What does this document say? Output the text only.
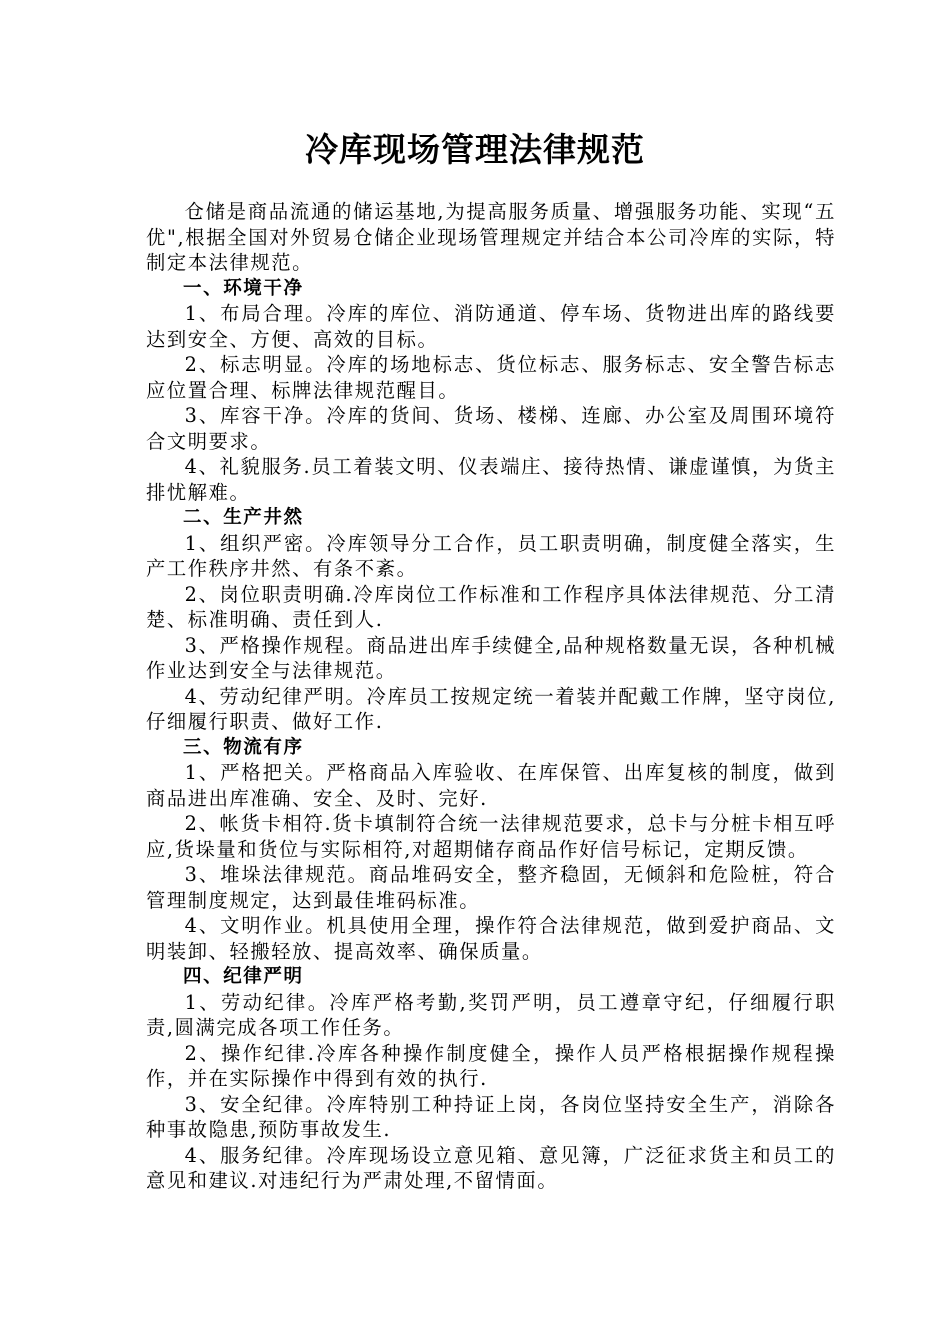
冷库现场管理法律规范

仓储是商品流通的储运基地,为提高服务质量、增强服务功能、实现“五优",根据全国对外贸易仓储企业现场管理规定并结合本公司冷库的实际，特制定本法律规范。

一、环境干净

1、布局合理。冷库的库位、消防通道、停车场、货物进出库的路线要达到安全、方便、高效的目标。

2、标志明显。冷库的场地标志、货位标志、服务标志、安全警告标志应位置合理、标牌法律规范醒目。

3、库容干净。冷库的货间、货场、楼梯、连廊、办公室及周围环境符合文明要求。

4、礼貌服务.员工着装文明、仪表端庄、接待热情、谦虚谨慎，为货主排忧解难。

二、生产井然

1、组织严密。冷库领导分工合作，员工职责明确，制度健全落实，生产工作秩序井然、有条不紊。

2、岗位职责明确.冷库岗位工作标准和工作程序具体法律规范、分工清楚、标准明确、责任到人.

3、严格操作规程。商品进出库手续健全,品种规格数量无误，各种机械作业达到安全与法律规范。

4、劳动纪律严明。冷库员工按规定统一着装并配戴工作牌，坚守岗位,仔细履行职责、做好工作.

三、物流有序

1、严格把关。严格商品入库验收、在库保管、出库复核的制度，做到商品进出库准确、安全、及时、完好.

2、帐货卡相符.货卡填制符合统一法律规范要求，总卡与分桩卡相互呼应,货垛量和货位与实际相符,对超期储存商品作好信号标记，定期反馈。

3、堆垛法律规范。商品堆码安全，整齐稳固，无倾斜和危险桩，符合管理制度规定，达到最佳堆码标准。

4、文明作业。机具使用全理，操作符合法律规范，做到爱护商品、文明装卸、轻搬轻放、提高效率、确保质量。

四、纪律严明

1、劳动纪律。冷库严格考勤,奖罚严明，员工遵章守纪，仔细履行职责,圆满完成各项工作任务。

2、操作纪律.冷库各种操作制度健全，操作人员严格根据操作规程操作，并在实际操作中得到有效的执行.

3、安全纪律。冷库特别工种持证上岗，各岗位坚持安全生产，消除各种事故隐患,预防事故发生.

4、服务纪律。冷库现场设立意见箱、意见簿，广泛征求货主和员工的意见和建议.对违纪行为严肃处理,不留情面。
